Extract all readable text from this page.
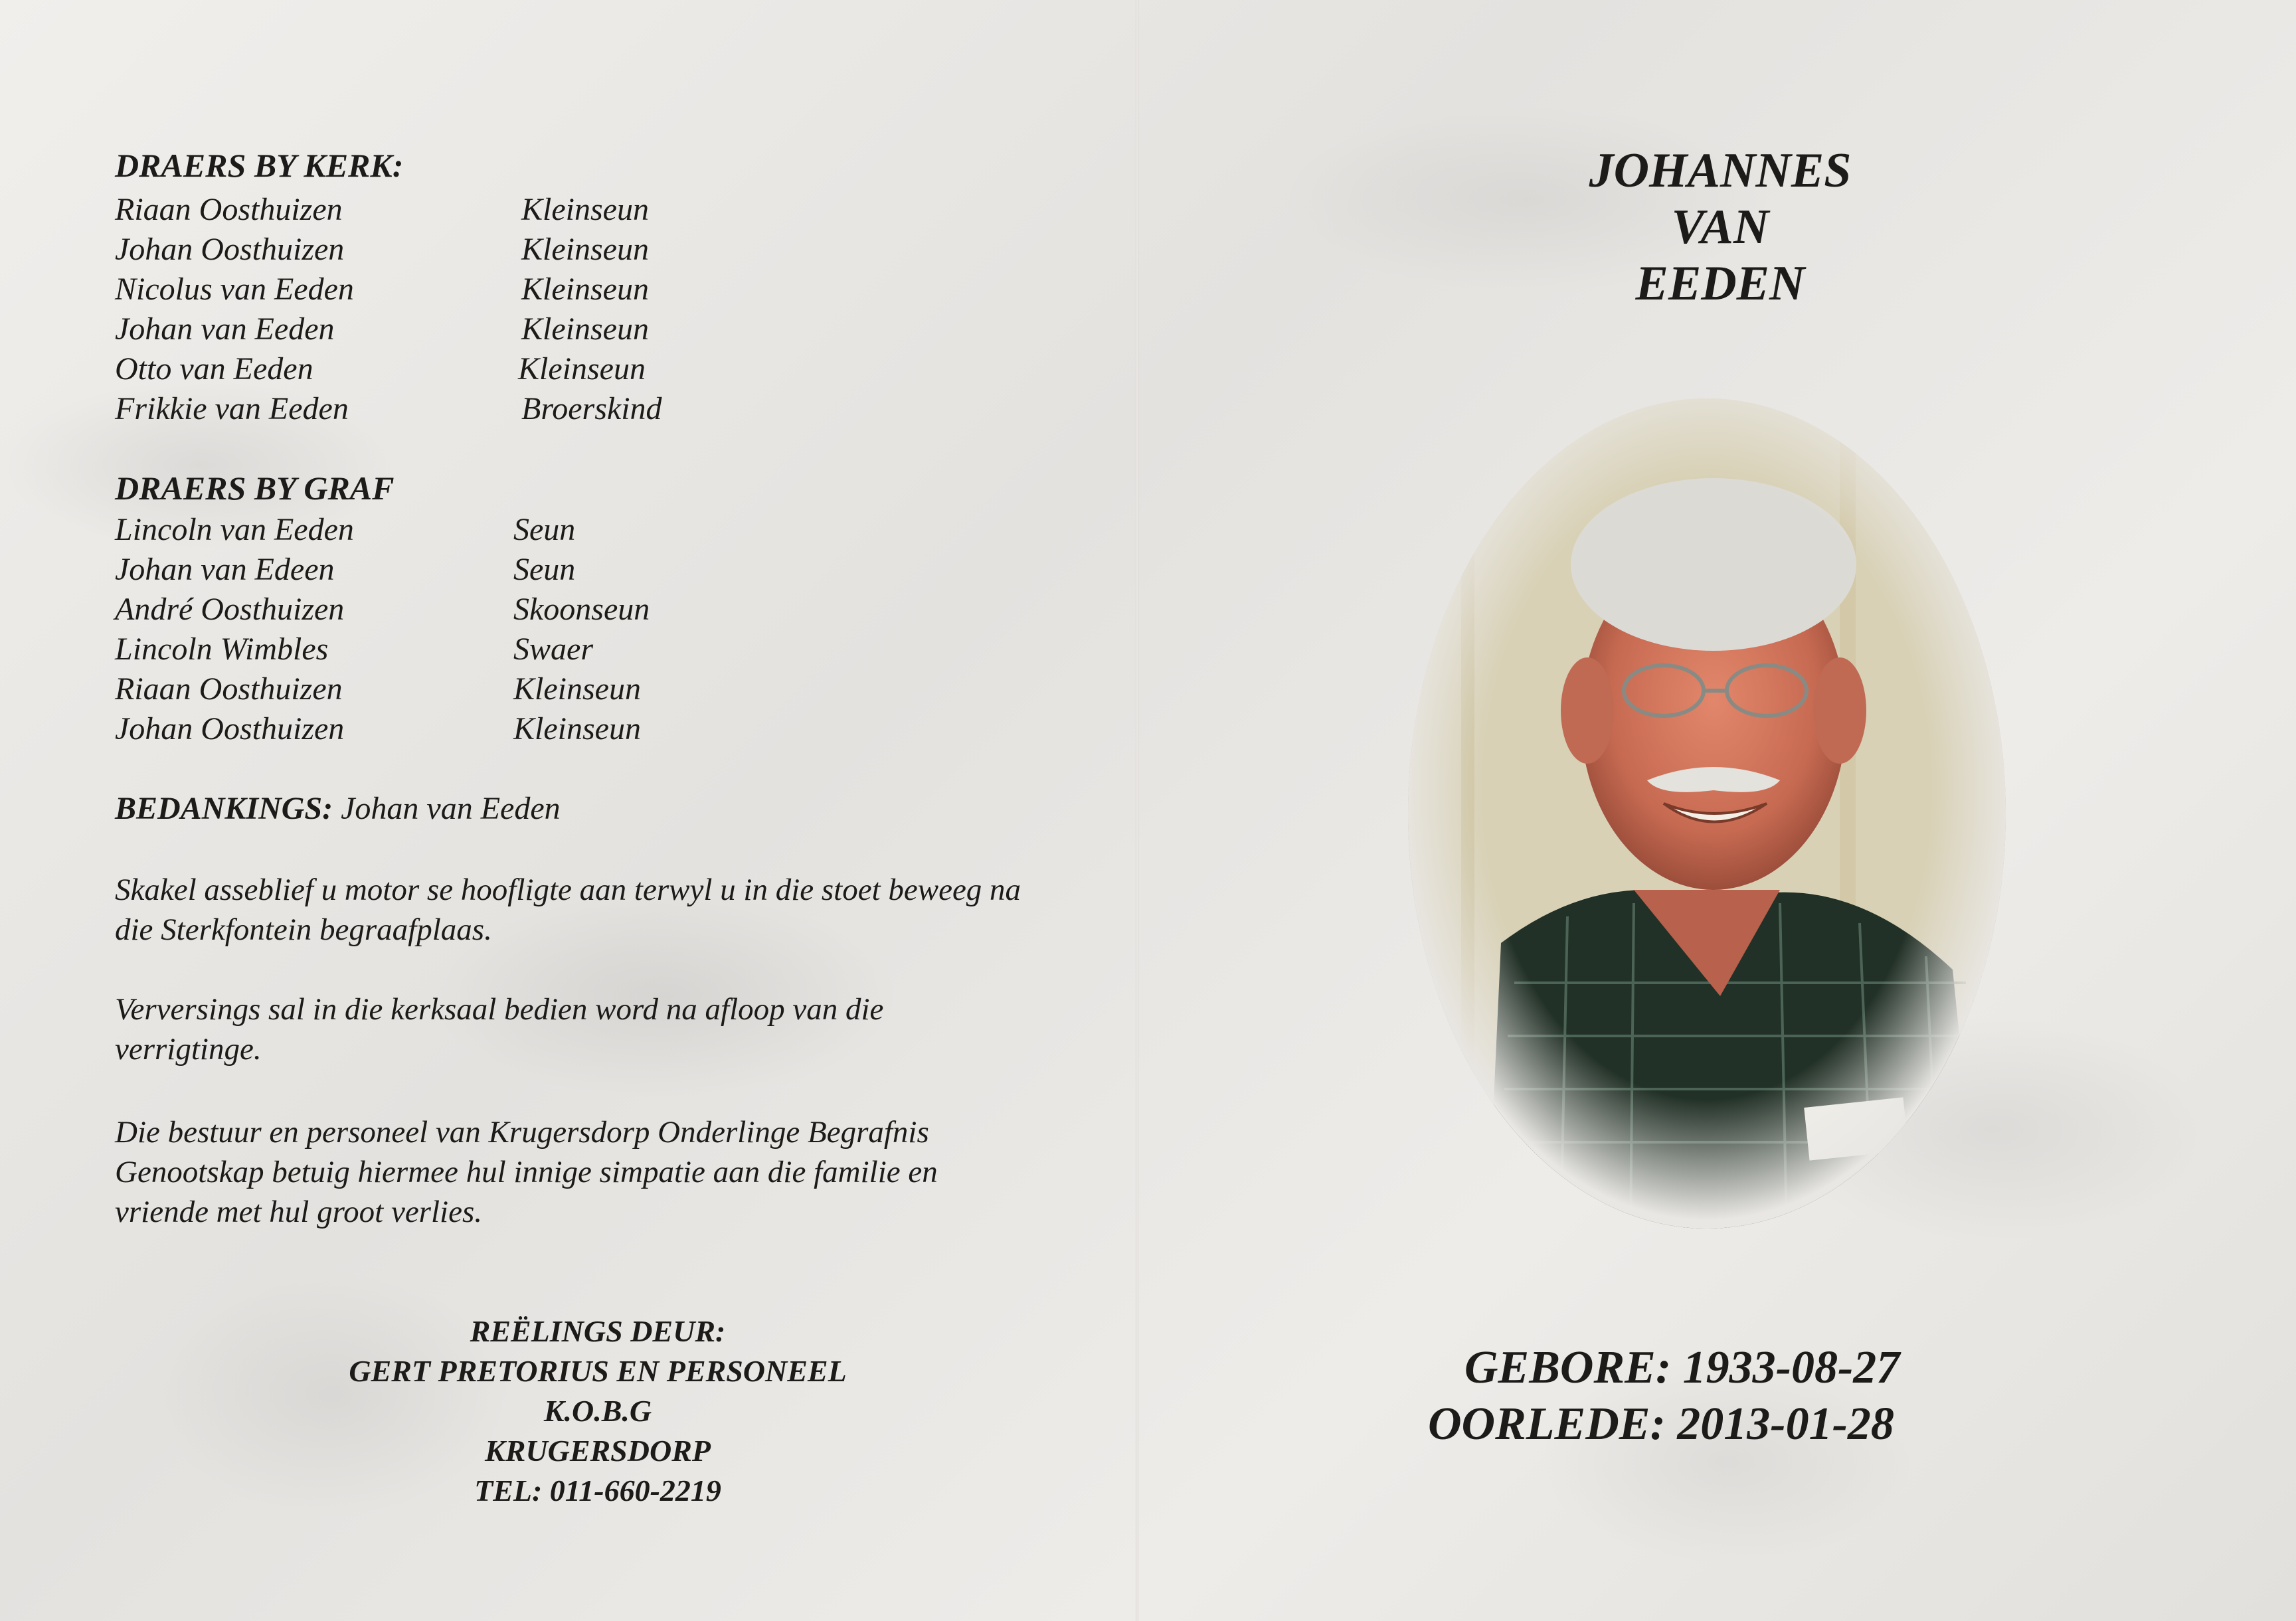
DRAERS BY KERK:
Riaan Oosthuizen	Kleinseun
Johan Oosthuizen	Kleinseun
Nicolus van Eeden	Kleinseun
Johan van Eeden	Kleinseun
Otto van Eeden	Kleinseun
Frikkie van Eeden	Broerskind
DRAERS BY GRAF
Lincoln van Eeden	Seun
Johan van Edeen	Seun
André Oosthuizen	Skoonseun
Lincoln Wimbles	Swaer
Riaan Oosthuizen	Kleinseun
Johan Oosthuizen	Kleinseun
BEDANKINGS: Johan van Eeden
Skakel asseblief u motor se hoofligte aan terwyl u in die stoet beweeg na die Sterkfontein begraafplaas.
Verversings sal in die kerksaal bedien word na afloop van die verrigtinge.
Die bestuur en personeel van Krugersdorp Onderlinge Begrafnis Genootskap betuig hiermee hul innige simpatie aan die familie en vriende met hul groot verlies.
REËLINGS DEUR:
GERT PRETORIUS EN PERSONEEL
K.O.B.G
KRUGERSDORP
TEL: 011-660-2219
JOHANNES
VAN
EEDEN
GEBORE: 1933-08-27
OORLEDE: 2013-01-28
